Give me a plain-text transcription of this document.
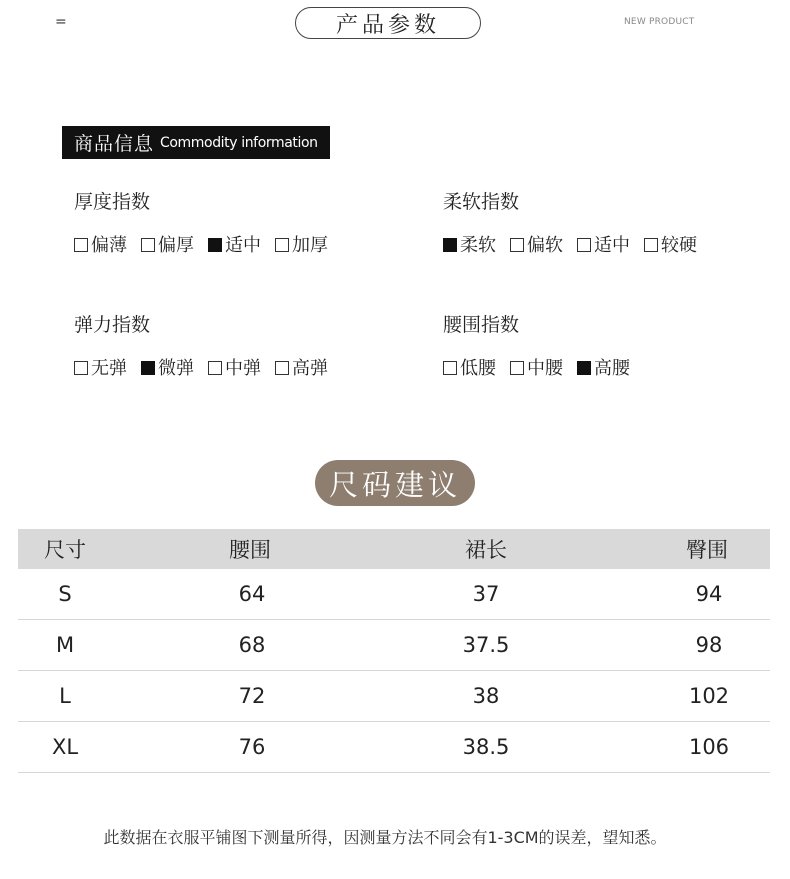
=	产品参数	NEW PRODUCT
商品信息 Commodity information
厚度指数
偏薄 偏厚 适中 加厚
柔软指数
柔软 偏软 适中 较硬
弹力指数
无弹 微弹 中弹 高弹
腰围指数
低腰 中腰 高腰
尺码建议
尺寸	腰围	裙长	臀围
S	64	37	94
M	68	37.5	98
L	72	38	102
XL	76	38.5	106
此数据在衣服平铺图下测量所得，因测量方法不同会有1-3CM的误差，望知悉。
